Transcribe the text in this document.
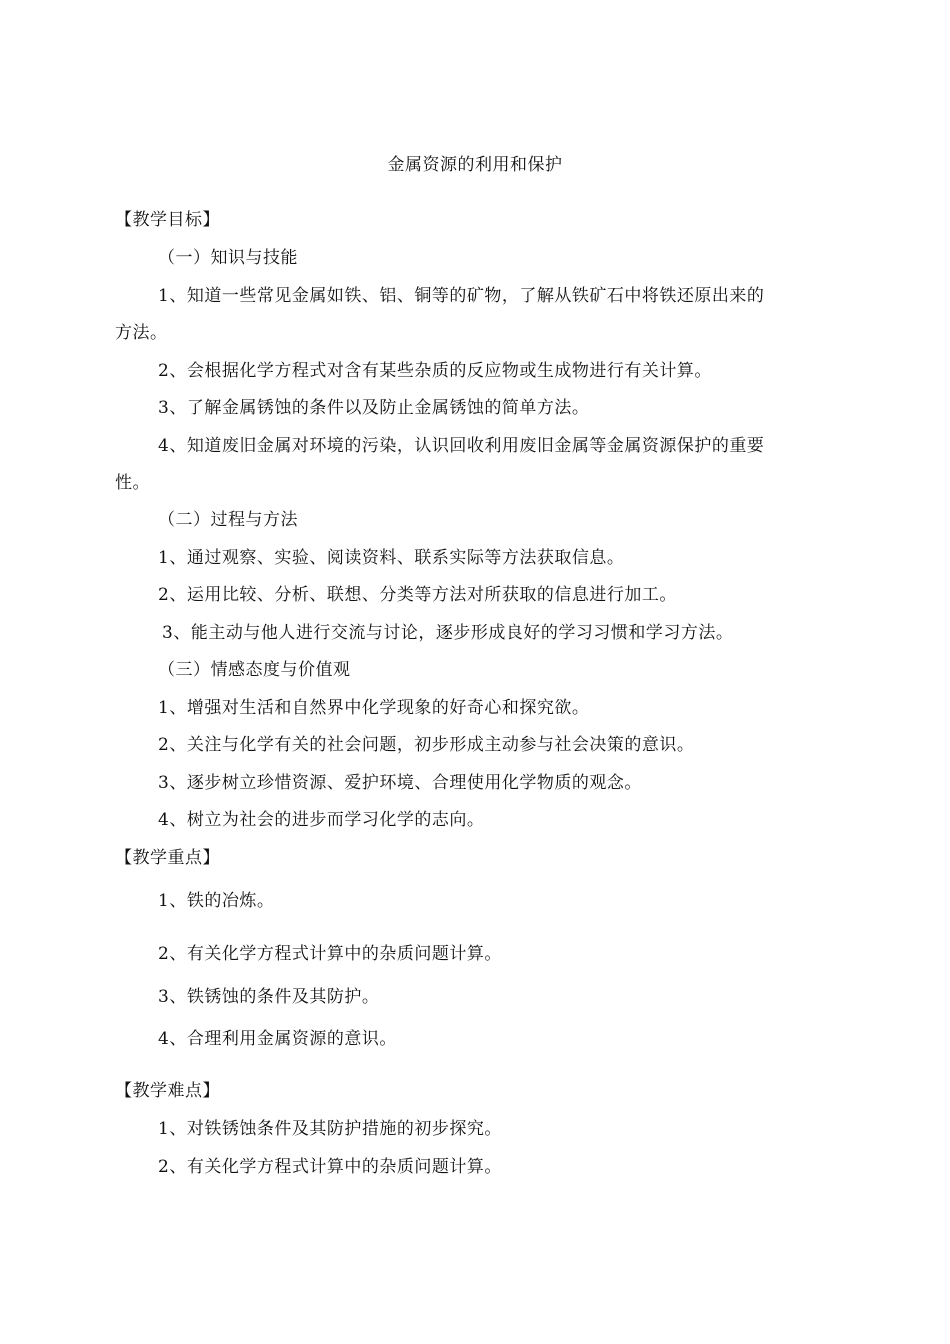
金属资源的利用和保护
【教学目标】
（一）知识与技能
1、知道一些常见金属如铁、铝、铜等的矿物，了解从铁矿石中将铁还原出来的
方法。
2、会根据化学方程式对含有某些杂质的反应物或生成物进行有关计算。
3、了解金属锈蚀的条件以及防止金属锈蚀的简单方法。
4、知道废旧金属对环境的污染，认识回收利用废旧金属等金属资源保护的重要
性。
（二）过程与方法
1、通过观察、实验、阅读资料、联系实际等方法获取信息。
2、运用比较、分析、联想、分类等方法对所获取的信息进行加工。
3、能主动与他人进行交流与讨论，逐步形成良好的学习习惯和学习方法。
（三）情感态度与价值观
1、增强对生活和自然界中化学现象的好奇心和探究欲。
2、关注与化学有关的社会问题，初步形成主动参与社会决策的意识。
3、逐步树立珍惜资源、爱护环境、合理使用化学物质的观念。
4、树立为社会的进步而学习化学的志向。
【教学重点】
1、铁的冶炼。
2、有关化学方程式计算中的杂质问题计算。
3、铁锈蚀的条件及其防护。
4、合理利用金属资源的意识。
【教学难点】
1、对铁锈蚀条件及其防护措施的初步探究。
2、有关化学方程式计算中的杂质问题计算。
